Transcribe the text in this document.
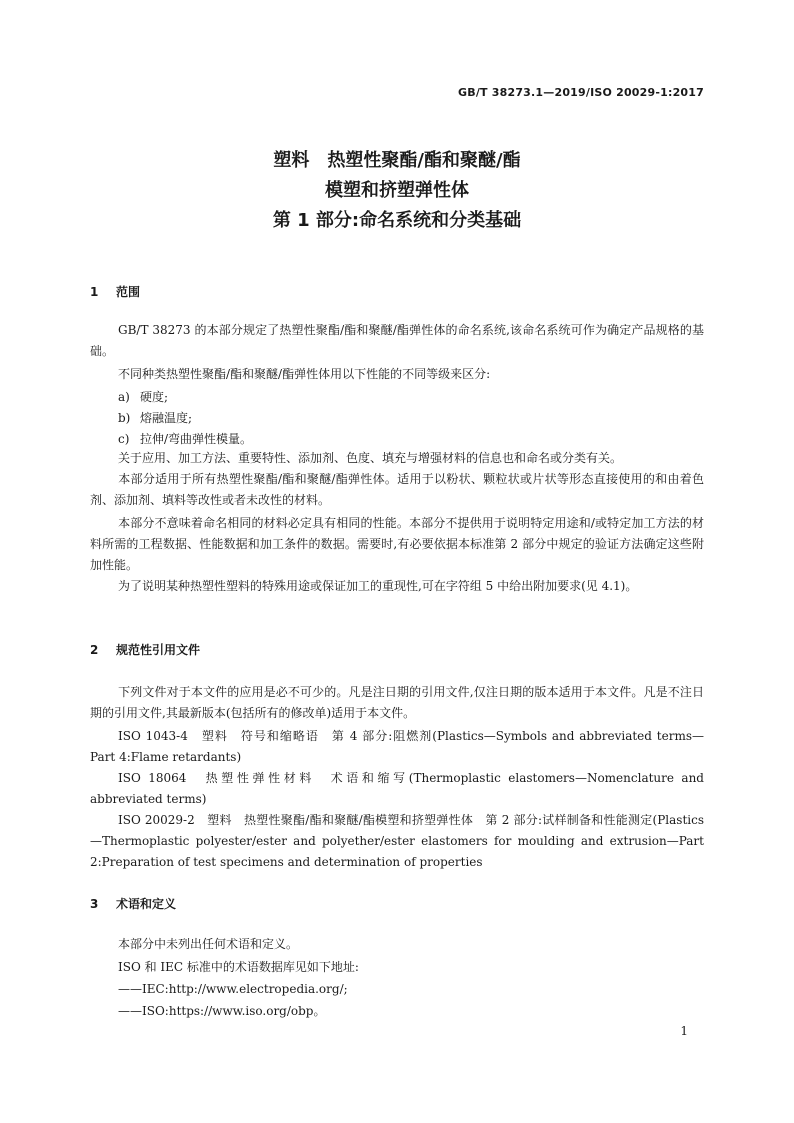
GB/T 38273.1—2019/ISO 20029-1:2017
塑料　热塑性聚酯/酯和聚醚/酯
模塑和挤塑弹性体
第 1 部分:命名系统和分类基础
1 范围
GB/T 38273 的本部分规定了热塑性聚酯/酯和聚醚/酯弹性体的命名系统,该命名系统可作为确定产品规格的基础。
不同种类热塑性聚酯/酯和聚醚/酯弹性体用以下性能的不同等级来区分:
a) 硬度;
b) 熔融温度;
c) 拉伸/弯曲弹性模量。
关于应用、加工方法、重要特性、添加剂、色度、填充与增强材料的信息也和命名或分类有关。
本部分适用于所有热塑性聚酯/酯和聚醚/酯弹性体。适用于以粉状、颗粒状或片状等形态直接使用的和由着色剂、添加剂、填料等改性或者未改性的材料。
本部分不意味着命名相同的材料必定具有相同的性能。本部分不提供用于说明特定用途和/或特定加工方法的材料所需的工程数据、性能数据和加工条件的数据。需要时,有必要依据本标准第 2 部分中规定的验证方法确定这些附加性能。
为了说明某种热塑性塑料的特殊用途或保证加工的重现性,可在字符组 5 中给出附加要求(见 4.1)。
2 规范性引用文件
下列文件对于本文件的应用是必不可少的。凡是注日期的引用文件,仅注日期的版本适用于本文件。凡是不注日期的引用文件,其最新版本(包括所有的修改单)适用于本文件。
ISO 1043-4　塑料　符号和缩略语　第 4 部分:阻燃剂(Plastics—Symbols and abbreviated terms—Part 4:Flame retardants)
ISO 18064　热塑性弹性材料　术语和缩写(Thermoplastic elastomers—Nomenclature and abbreviated terms)
ISO 20029-2　塑料　热塑性聚酯/酯和聚醚/酯模塑和挤塑弹性体　第 2 部分:试样制备和性能测定(Plastics—Thermoplastic polyester/ester and polyether/ester elastomers for moulding and extrusion—Part 2:Preparation of test specimens and determination of properties
3 术语和定义
本部分中未列出任何术语和定义。
ISO 和 IEC 标准中的术语数据库见如下地址:
——IEC:http://www.electropedia.org/;
——ISO:https://www.iso.org/obp。
1
